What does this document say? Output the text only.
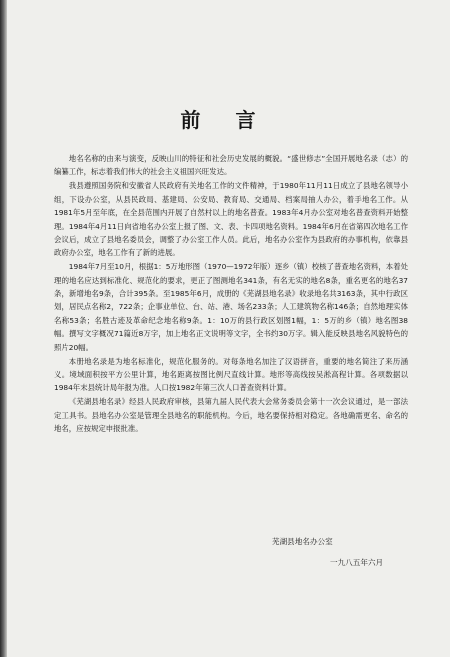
前 言

地名名称的由来与演变，反映山川的特征和社会历史发展的概貌。“盛世修志”全国开展地名录（志）的编纂工作，标志着我们伟大的社会主义祖国兴旺发达。

我县遵照国务院和安徽省人民政府有关地名工作的文件精神，于1980年11月11日成立了县地名领导小组，下设办公室，从县民政局、基建局、公安局、教育局、交通局、档案局抽人办公，着手地名工作。从1981年5月至年底，在全县范围内开展了自然村以上的地名普查。1983年4月办公室对地名普查资料开始整理。1984年4月11日向省地名办公室上报了图、文、表、卡四项地名资料。1984年6月在省第四次地名工作会议后，成立了县地名委员会，调整了办公室工作人员。此后，地名办公室作为县政府的办事机构，依靠县政府办公室，地名工作有了新的进展。

1984年7月至10月，根据1：5万地形图（1970—1972年版）逐乡（镇）校核了普查地名资料，本着处理的地名应达到标准化、规范化的要求，更正了图测地名341条，有名无实的地名8条，重名更名的地名37条，新增地名9条，合计395条。至1985年6月，成册的《芜湖县地名录》收录地名共3163条，其中行政区划，居民点名称2，722条；企事业单位、台、站、港、场名233条；人工建筑物名称146条；自然地理实体名称53条；名胜古迹及革命纪念地名称9条。1：10万的县行政区划图1幅，1：5万的乡（镇）地名图38幅。撰写文字概况71篇近8万字，加上地名正文说明等文字，全书约30万字。辑入能反映县地名风貌特色的照片20幅。

本册地名录是为地名标准化，规范化服务的。对每条地名加注了汉语拼音，重要的地名简注了来历涵义。境域面积按平方公里计算，地名距离按图比例尺直线计算。地形等高线按吴淞高程计算。各项数据以1984年末县统计局年报为准。人口按1982年第三次人口普查资料计算。

《芜湖县地名录》经县人民政府审核，县第九届人民代表大会常务委员会第十一次会议通过，是一部法定工具书。县地名办公室是管理全县地名的职能机构。今后，地名要保持相对稳定。各地确需更名、命名的地名，应按规定申报批准。

芜湖县地名办公室
一九八五年六月
